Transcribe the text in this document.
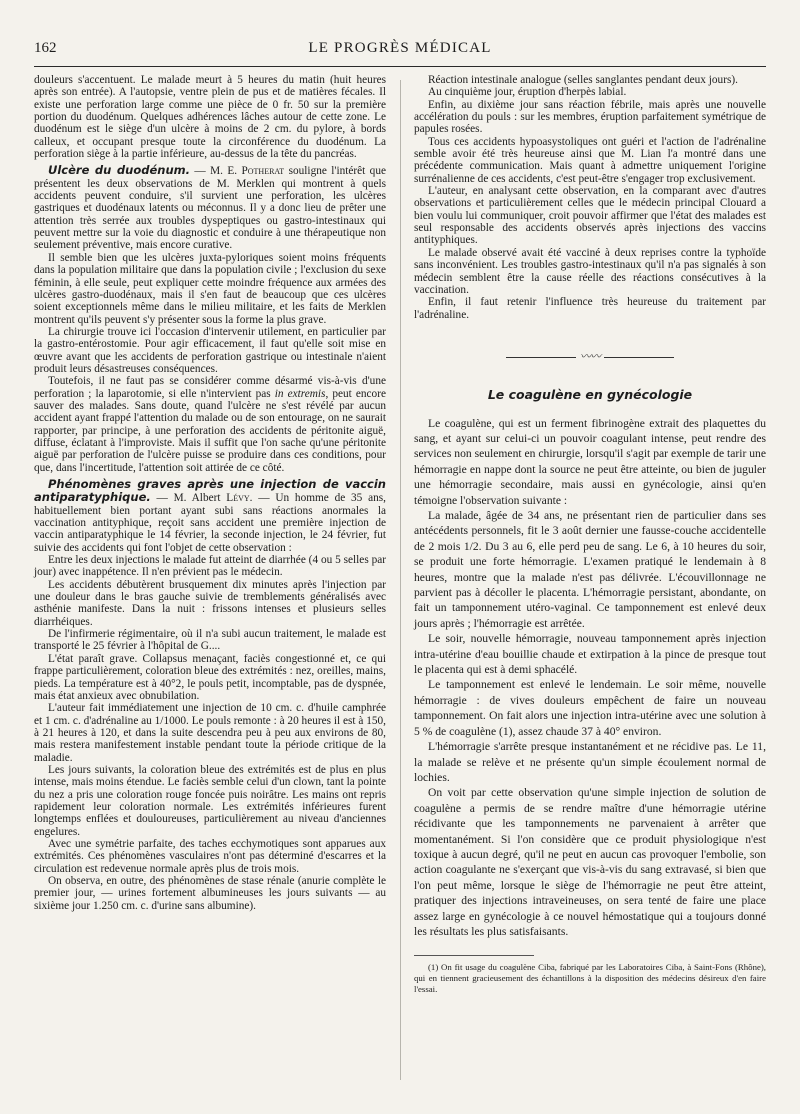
162	LE PROGRÈS MÉDICAL

douleurs s'accentuent. Le malade meurt à 5 heures du matin (huit heures après son entrée). A l'autopsie, ventre plein de pus et de matières fécales. Il existe une perforation large comme une pièce de 0 fr. 50 sur la première portion du duodénum. Quelques adhérences lâches autour de cette zone. Le duodénum est le siège d'un ulcère à moins de 2 cm. du pylore, à bords calleux, et occupant presque toute la circonférence du duodénum. La perforation siège à la partie inférieure, au-dessus de la tête du pancréas.

Ulcère du duodénum. — M. E. Potherat souligne l'intérêt que présentent les deux observations de M. Merklen qui montrent à quels accidents peuvent conduire, s'il survient une perforation, les ulcères gastriques et duodénaux latents ou méconnus. Il y a donc lieu de prêter une attention très serrée aux troubles dyspeptiques ou gastro-intestinaux qui peuvent mettre sur la voie du diagnostic et conduire à une thérapeutique non seulement préventive, mais encore curative.

Il semble bien que les ulcères juxta-pyloriques soient moins fréquents dans la population militaire que dans la population civile ; l'exclusion du sexe féminin, à elle seule, peut expliquer cette moindre fréquence aux armées des ulcères gastro-duodénaux, mais il s'en faut de beaucoup que ces ulcères soient exceptionnels même dans le milieu militaire, et les faits de Merklen montrent qu'ils peuvent s'y présenter sous la forme la plus grave.

La chirurgie trouve ici l'occasion d'intervenir utilement, en particulier par la gastro-entérostomie. Pour agir efficacement, il faut qu'elle soit mise en œuvre avant que les accidents de perforation gastrique ou intestinale n'aient produit leurs désastreuses conséquences.

Toutefois, il ne faut pas se considérer comme désarmé vis-à-vis d'une perforation ; la laparotomie, si elle n'intervient pas in extremis, peut encore sauver des malades. Sans doute, quand l'ulcère ne s'est révélé par aucun accident ayant frappé l'attention du malade ou de son entourage, on ne saurait rapporter, par principe, à une perforation des accidents de péritonite aiguë, diffuse, éclatant à l'improviste. Mais il suffit que l'on sache qu'une péritonite aiguë par perforation de l'ulcère puisse se produire dans ces conditions, pour que, dans l'incertitude, l'attention soit attirée de ce côté.

Phénomènes graves après une injection de vaccin antiparatyphique. — M. Albert Lévy. — Un homme de 35 ans, habituellement bien portant ayant subi sans réactions anormales la vaccination antityphique, reçoit sans accident une première injection de vaccin antiparatyphique le 14 février, la seconde injection, le 24 février, fut suivie des accidents qui font l'objet de cette observation :

Entre les deux injections le malade fut atteint de diarrhée (4 ou 5 selles par jour) avec inappétence. Il n'en prévient pas le médecin.

Les accidents débutèrent brusquement dix minutes après l'injection par une douleur dans le bras gauche suivie de tremblements généralisés avec asthénie manifeste. Dans la nuit : frissons intenses et plusieurs selles diarrhéiques.

De l'infirmerie régimentaire, où il n'a subi aucun traitement, le malade est transporté le 25 février à l'hôpital de G....

L'état paraît grave. Collapsus menaçant, faciès congestionné et, ce qui frappe particulièrement, coloration bleue des extrémités : nez, oreilles, mains, pieds. La température est à 40°2, le pouls petit, incomptable, pas de dyspnée, mais état anxieux avec obnubilation.

L'auteur fait immédiatement une injection de 10 cm. c. d'huile camphrée et 1 cm. c. d'adrénaline au 1/1000. Le pouls remonte : à 20 heures il est à 150, à 21 heures à 120, et dans la suite descendra peu à peu aux environs de 80, mais restera manifestement instable pendant toute la période critique de la maladie.

Les jours suivants, la coloration bleue des extrémités est de plus en plus intense, mais moins étendue. Le faciès semble celui d'un clown, tant la pointe du nez a pris une coloration rouge foncée puis noirâtre. Les mains ont repris rapidement leur coloration normale. Les extrémités inférieures furent longtemps enflées et douloureuses, particulièrement au niveau d'anciennes engelures.

Avec une symétrie parfaite, des taches ecchymotiques sont apparues aux extrémités. Ces phénomènes vasculaires n'ont pas déterminé d'escarres et la circulation est redevenue normale après plus de trois mois.

On observa, en outre, des phénomènes de stase rénale (anurie complète le premier jour, — urines fortement albumineuses les jours suivants — au sixième jour 1.250 cm. c. d'urine sans albumine).

Réaction intestinale analogue (selles sanglantes pendant deux jours).

Au cinquième jour, éruption d'herpès labial.

Enfin, au dixième jour sans réaction fébrile, mais après une nouvelle accélération du pouls : sur les membres, éruption parfaitement symétrique de papules rosées.

Tous ces accidents hypoasystoliques ont guéri et l'action de l'adrénaline semble avoir été très heureuse ainsi que M. Lian l'a montré dans une précédente communication. Mais quant à admettre uniquement l'origine surrénalienne de ces accidents, c'est peut-être s'engager trop exclusivement.

L'auteur, en analysant cette observation, en la comparant avec d'autres observations et particulièrement celles que le médecin principal Clouard a bien voulu lui communiquer, croit pouvoir affirmer que l'état des malades est seul responsable des accidents observés après injections des vaccins antityphiques.

Le malade observé avait été vacciné à deux reprises contre la typhoïde sans inconvénient. Les troubles gastro-intestinaux qu'il n'a pas signalés à son médecin semblent être la cause réelle des réactions consécutives à la vaccination.

Enfin, il faut retenir l'influence très heureuse du traitement par l'adrénaline.

〰〰
Le coagulène en gynécologie

Le coagulène, qui est un ferment fibrinogène extrait des plaquettes du sang, et ayant sur celui-ci un pouvoir coagulant intense, peut rendre des services non seulement en chirurgie, lorsqu'il s'agit par exemple de tarir une hémorragie en nappe dont la source ne peut être atteinte, ou bien de juguler une hémorragie secondaire, mais aussi en gynécologie, ainsi qu'en témoigne l'observation suivante :

La malade, âgée de 34 ans, ne présentant rien de particulier dans ses antécédents personnels, fit le 3 août dernier une fausse-couche accidentelle de 2 mois 1/2. Du 3 au 6, elle perd peu de sang. Le 6, à 10 heures du soir, se produit une forte hémorragie. L'examen pratiqué le lendemain à 8 heures, montre que la malade n'est pas délivrée. L'écouvillonnage ne parvient pas à décoller le placenta. L'hémorragie persistant, abondante, on fait un tamponnement utéro-vaginal. Ce tamponnement est enlevé deux jours après ; l'hémorragie est arrêtée.

Le soir, nouvelle hémorragie, nouveau tamponnement après injection intra-utérine d'eau bouillie chaude et extirpation à la pince de presque tout le placenta qui est à demi sphacélé.

Le tamponnement est enlevé le lendemain. Le soir même, nouvelle hémorragie : de vives douleurs empêchent de faire un nouveau tamponnement. On fait alors une injection intra-utérine avec une solution à 5 % de coagulène (1), assez chaude 37 à 40° environ.

L'hémorragie s'arrête presque instantanément et ne récidive pas. Le 11, la malade se relève et ne présente qu'un simple écoulement normal de lochies.

On voit par cette observation qu'une simple injection de solution de coagulène a permis de se rendre maître d'une hémorragie utérine récidivante que les tamponnements ne parvenaient à arrêter que momentanément. Si l'on considère que ce produit physiologique n'est toxique à aucun degré, qu'il ne peut en aucun cas provoquer l'embolie, son action coagulante ne s'exerçant que vis-à-vis du sang extravasé, si bien que l'on peut même, lorsque le siège de l'hémorragie ne peut être atteint, pratiquer des injections intraveineuses, on sera tenté de faire une place assez large en gynécologie à ce nouvel hémostatique qui a toujours donné les résultats les plus satisfaisants.

(1) On fit usage du coagulène Ciba, fabriqué par les Laboratoires Ciba, à Saint-Fons (Rhône), qui en tiennent gracieusement des échantillons à la disposition des médecins désireux d'en faire l'essai.
